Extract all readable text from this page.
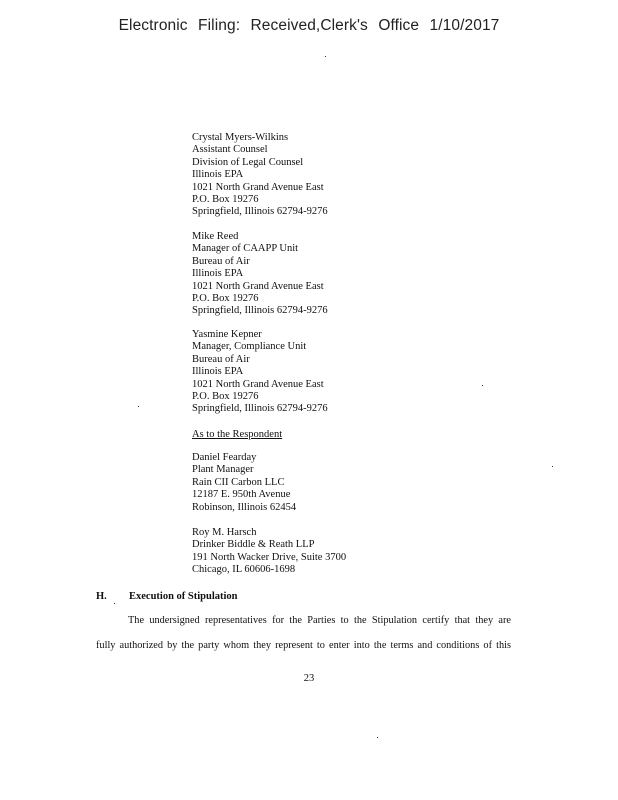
Electronic Filing: Received,Clerk's Office 1/10/2017
Crystal Myers-Wilkins
Assistant Counsel
Division of Legal Counsel
Illinois EPA
1021 North Grand Avenue East
P.O. Box 19276
Springfield, Illinois 62794-9276
Mike Reed
Manager of CAAPP Unit
Bureau of Air
Illinois EPA
1021 North Grand Avenue East
P.O. Box 19276
Springfield, Illinois 62794-9276
Yasmine Kepner
Manager, Compliance Unit
Bureau of Air
Illinois EPA
1021 North Grand Avenue East
P.O. Box 19276
Springfield, Illinois 62794-9276
As to the Respondent
Daniel Fearday
Plant Manager
Rain CII Carbon LLC
12187 E. 950th Avenue
Robinson, Illinois 62454
Roy M. Harsch
Drinker Biddle & Reath LLP
191 North Wacker Drive, Suite 3700
Chicago, IL 60606-1698
H. Execution of Stipulation
The undersigned representatives for the Parties to the Stipulation certify that they are
fully authorized by the party whom they represent to enter into the terms and conditions of this
23
